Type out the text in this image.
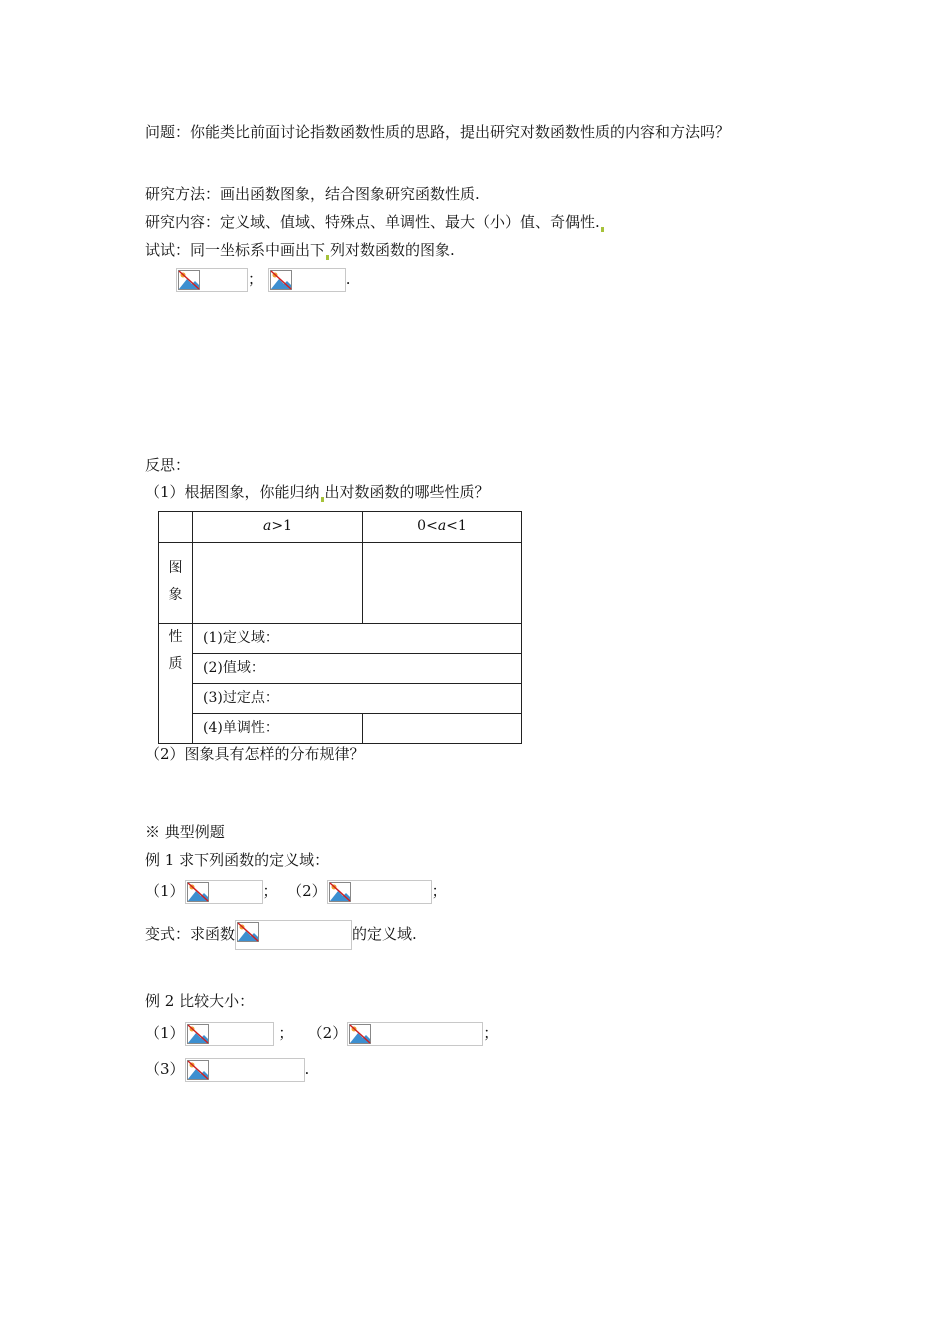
问题：你能类比前面讨论指数函数性质的思路，提出研究对数函数性质的内容和方法吗？
研究方法：画出函数图象，结合图象研究函数性质.
研究内容：定义域、值域、特殊点、单调性、最大（小）值、奇偶性.
试试：同一坐标系中画出下 列对数函数的图象.
；	.
反思：
（1）根据图象，你能归纳 出对数函数的哪些性质？
	a>1	0<a<1

图
象		

性
质	(1)定义域：	
	(2)值域：	
	(3)过定点：	
	(4)单调性：	
（2）图象具有怎样的分布规律？
※ 典型例题
例 1 求下列函数的定义域：
（1）	； （2）	；
变式：求函数	的定义域.
例 2 比较大小：
（1）	； （2）	；
（3）	.
